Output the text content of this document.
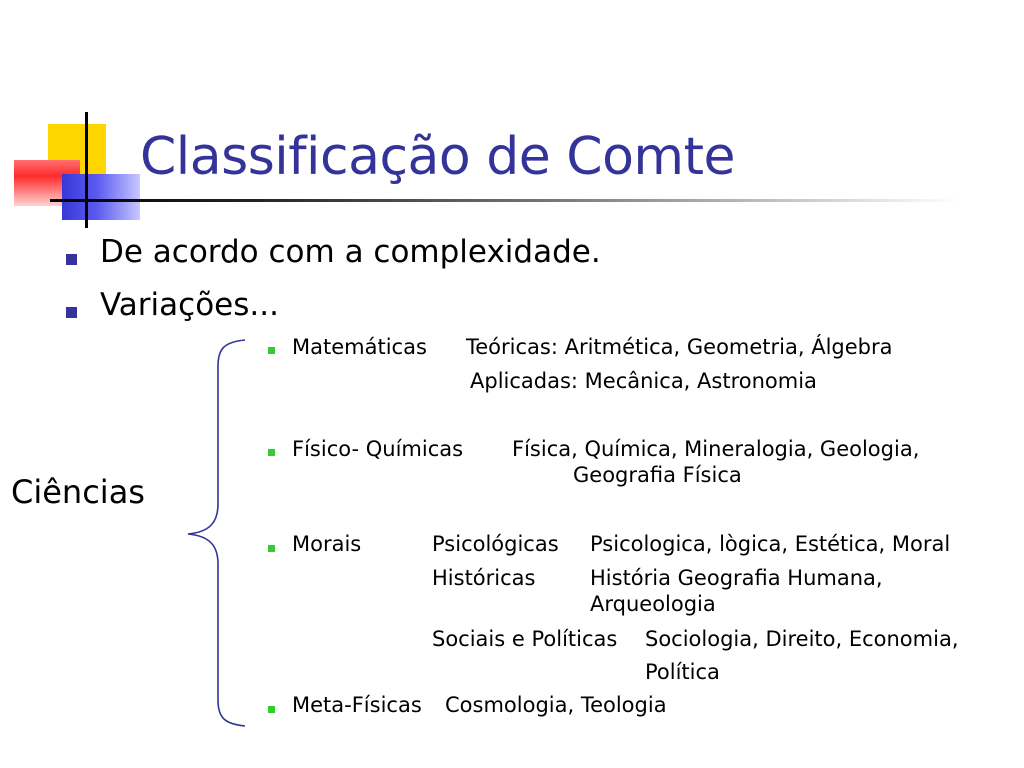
Classificação de Comte
De acordo com a complexidade.
Variações...
Ciências
Matemáticas Teóricas: Aritmética, Geometria, Álgebra
Aplicadas: Mecânica, Astronomia
Físico- Químicas Física, Química, Mineralogia, Geologia,
Geografia Física
Morais	Psicológicas Psicologica, lògica, Estética, Moral
Históricas	História Geografia Humana,
Arqueologia
Sociais e Políticas Sociologia, Direito, Economia,
Política
Meta-Físicas Cosmologia, Teologia
